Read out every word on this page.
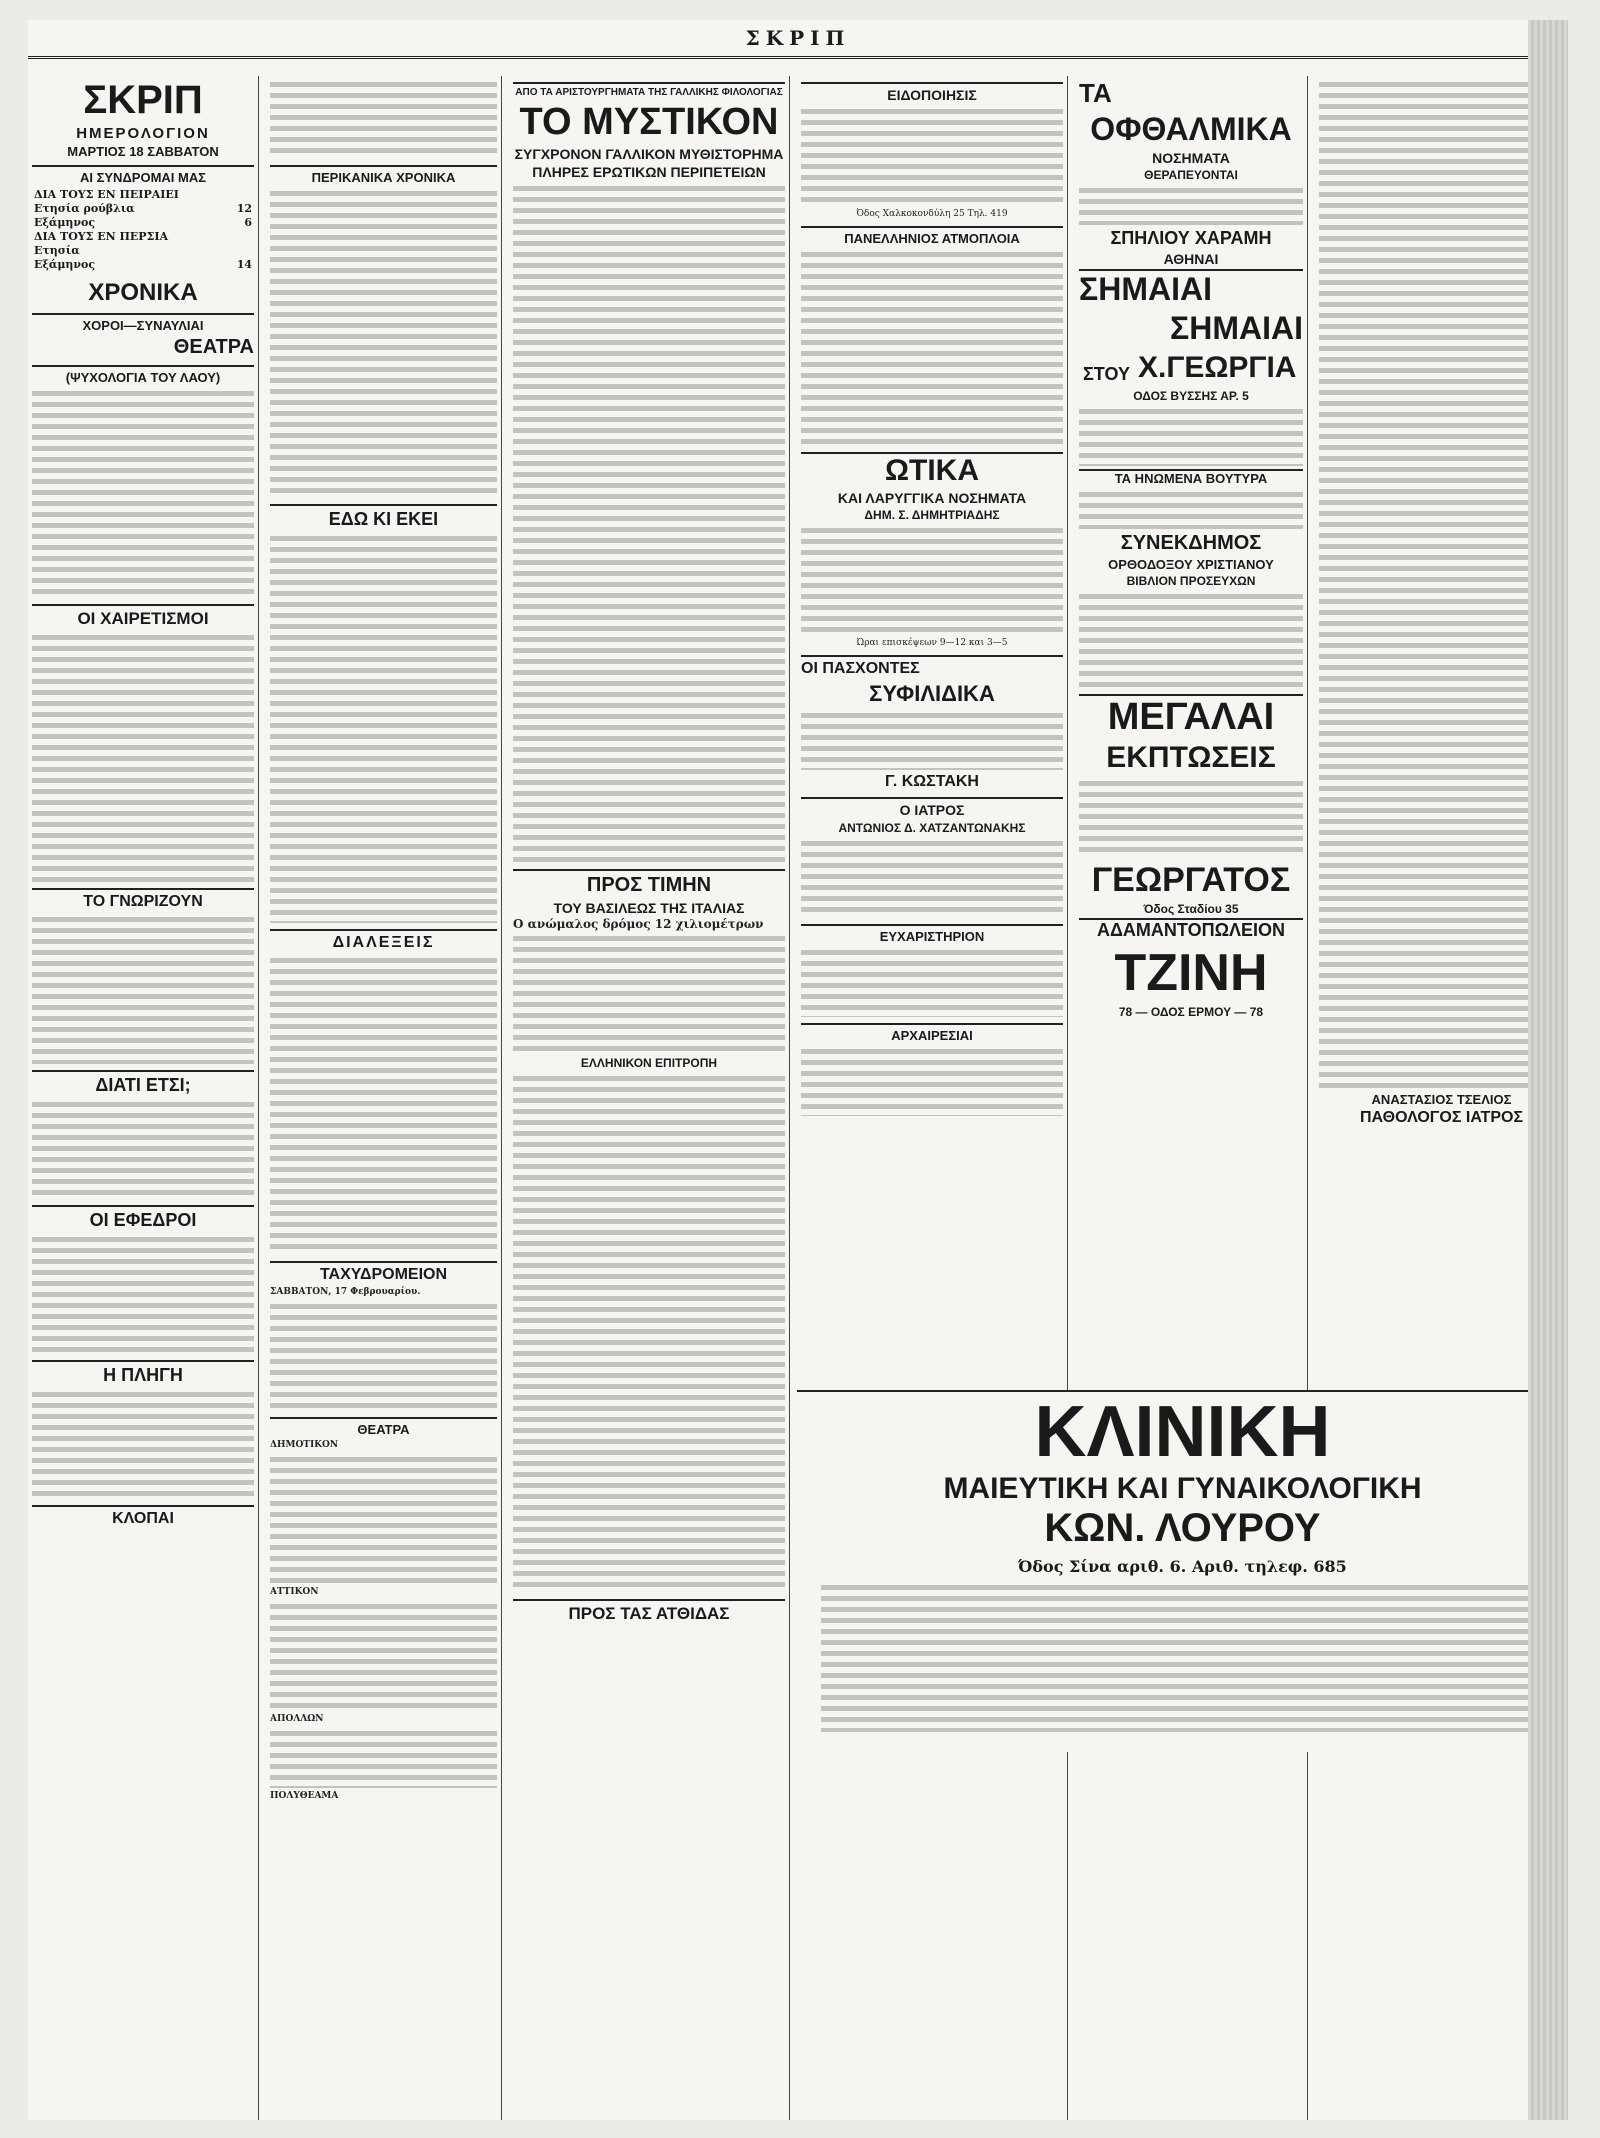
ΣΚΡΙΠ
ΣΚΡΙΠ
ΗΜΕΡΟΛΟΓΙΟΝ
ΜΑΡΤΙΟΣ 18 ΣΑΒΒΑΤΟΝ
ΑΙ ΣΥΝΔΡΟΜΑΙ ΜΑΣ
ΔΙΑ ΤΟΥΣ ΕΝ ΠΕΙΡΑΙΕΙ
Ετησία ρούβλια	12
Εξάμηνος	6
ΔΙΑ ΤΟΥΣ ΕΝ ΠΕΡΣΙΑ
Ετησία
Εξάμηνος	14
ΧΡΟΝΙΚΑ
ΧΟΡΟΙ—ΣΥΝΑΥΛΙΑΙ
ΘΕΑΤΡΑ
(ΨΥΧΟΛΟΓΙΑ ΤΟΥ ΛΑΟΥ)
ΟΙ ΧΑΙΡΕΤΙΣΜΟΙ
ΤΟ ΓΝΩΡΙΖΟΥΝ
ΔΙΑΤΙ ΕΤΣΙ;
ΟΙ ΕΦΕΔΡΟΙ
Η ΠΛΗΓΗ
ΚΛΟΠΑΙ
ΠΕΡΙΚΑΝΙΚΑ ΧΡΟΝΙΚΑ
ΕΔΩ ΚΙ ΕΚΕΙ
ΔΙΑΛΕΞΕΙΣ
ΤΑΧΥΔΡΟΜΕΙΟΝ
ΣΑΒΒΑΤΟΝ, 17 Φεβρουαρίου.
ΘΕΑΤΡΑ
ΔΗΜΟΤΙΚΟΝ
ΑΤΤΙΚΟΝ
ΑΠΟΛΛΩΝ
ΠΟΛΥΘΕΑΜΑ
ΑΠΟ ΤΑ ΑΡΙΣΤΟΥΡΓΗΜΑΤΑ ΤΗΣ ΓΑΛΛΙΚΗΣ ΦΙΛΟΛΟΓΙΑΣ
ΤΟ ΜΥΣΤΙΚΟΝ
ΣΥΓΧΡΟΝΟΝ ΓΑΛΛΙΚΟΝ ΜΥΘΙΣΤΟΡΗΜΑ
ΠΛΗΡΕΣ ΕΡΩΤΙΚΩΝ ΠΕΡΙΠΕΤΕΙΩΝ
ΠΡΟΣ ΤΙΜΗΝ
ΤΟΥ ΒΑΣΙΛΕΩΣ ΤΗΣ ΙΤΑΛΙΑΣ
Ο ανώμαλος δρόμος 12 χιλιομέτρων
ΕΛΛΗΝΙΚΟΝ ΕΠΙΤΡΟΠΗ
ΠΡΟΣ ΤΑΣ ΑΤΘΙΔΑΣ
ΕΙΔΟΠΟΙΗΣΙΣ
Όδος Χαλκοκονδύλη 25 Τηλ. 419
ΠΑΝΕΛΛΗΝΙΟΣ ΑΤΜΟΠΛΟΙΑ
ΩΤΙΚΑ
ΚΑΙ ΛΑΡΥΓΓΙΚΑ ΝΟΣΗΜΑΤΑ
ΔΗΜ. Σ. ΔΗΜΗΤΡΙΑΔΗΣ
Ώραι επισκέψεων 9—12 και 3—5
ΟΙ ΠΑΣΧΟΝΤΕΣ
ΣΥΦΙΛΙΔΙΚΑ
Γ. ΚΩΣΤΑΚΗ
Ο ΙΑΤΡΟΣ
ΑΝΤΩΝΙΟΣ Δ. ΧΑΤΖΑΝΤΩΝΑΚΗΣ
ΕΥΧΑΡΙΣΤΗΡΙΟΝ
ΑΡΧΑΙΡΕΣΙΑΙ
ΤΑ
ΟΦΘΑΛΜΙΚΑ
ΝΟΣΗΜΑΤΑ
ΘΕΡΑΠΕΥΟΝΤΑΙ
ΣΠΗΛΙΟΥ ΧΑΡΑΜΗ
ΑΘΗΝΑΙ
ΣΗΜΑΙΑΙ
ΣΗΜΑΙΑΙ
ΣΤΟΥ Χ.ΓΕΩΡΓΙΑ
ΟΔΟΣ ΒΥΣΣΗΣ ΑΡ. 5
ΤΑ ΗΝΩΜΕΝΑ ΒΟΥΤΥΡΑ
ΣΥΝΕΚΔΗΜΟΣ
ΟΡΘΟΔΟΞΟΥ ΧΡΙΣΤΙΑΝΟΥ
ΒΙΒΛΙΟΝ ΠΡΟΣΕΥΧΩΝ
ΜΕΓΑΛΑΙ
ΕΚΠΤΩΣΕΙΣ
ΓΕΩΡΓΑΤΟΣ
Όδος Σταδίου 35
ΑΔΑΜΑΝΤΟΠΩΛΕΙΟΝ
ΤΖΙΝΗ
78 — ΟΔΟΣ ΕΡΜΟΥ — 78
ΑΝΑΣΤΑΣΙΟΣ ΤΣΕΛΙΟΣ
ΠΑΘΟΛΟΓΟΣ ΙΑΤΡΟΣ
ΚΛΙΝΙΚΗ
ΜΑΙΕΥΤΙΚΗ ΚΑΙ ΓΥΝΑΙΚΟΛΟΓΙΚΗ
ΚΩΝ. ΛΟΥΡΟΥ
Όδος Σίνα αριθ. 6. Αριθ. τηλεφ. 685
